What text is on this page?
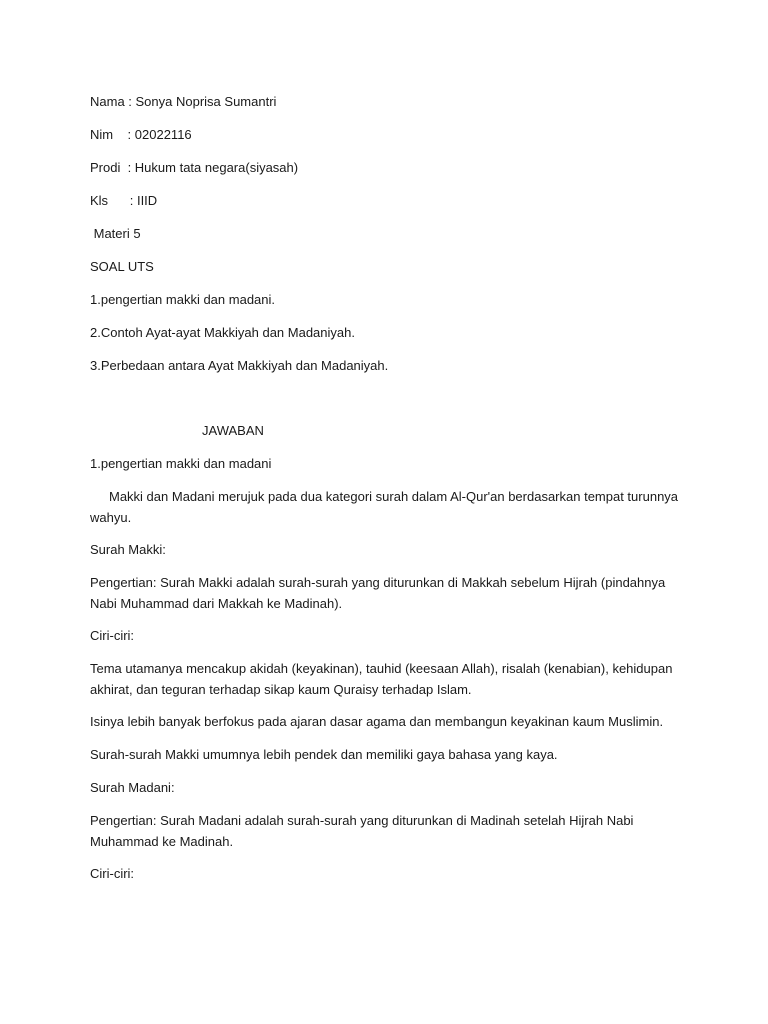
Nama : Sonya Noprisa Sumantri
Nim    : 02022116
Prodi  : Hukum tata negara(siyasah)
Kls      : IIID
Materi 5
SOAL UTS
1.pengertian makki dan madani.
2.Contoh Ayat-ayat Makkiyah dan Madaniyah.
3.Perbedaan antara Ayat Makkiyah dan Madaniyah.
JAWABAN
1.pengertian makki dan madani
Makki dan Madani merujuk pada dua kategori surah dalam Al-Qur'an berdasarkan tempat turunnya wahyu.
Surah Makki:
Pengertian: Surah Makki adalah surah-surah yang diturunkan di Makkah sebelum Hijrah (pindahnya Nabi Muhammad dari Makkah ke Madinah).
Ciri-ciri:
Tema utamanya mencakup akidah (keyakinan), tauhid (keesaan Allah), risalah (kenabian), kehidupan akhirat, dan teguran terhadap sikap kaum Quraisy terhadap Islam.
Isinya lebih banyak berfokus pada ajaran dasar agama dan membangun keyakinan kaum Muslimin.
Surah-surah Makki umumnya lebih pendek dan memiliki gaya bahasa yang kaya.
Surah Madani:
Pengertian: Surah Madani adalah surah-surah yang diturunkan di Madinah setelah Hijrah Nabi Muhammad ke Madinah.
Ciri-ciri:
